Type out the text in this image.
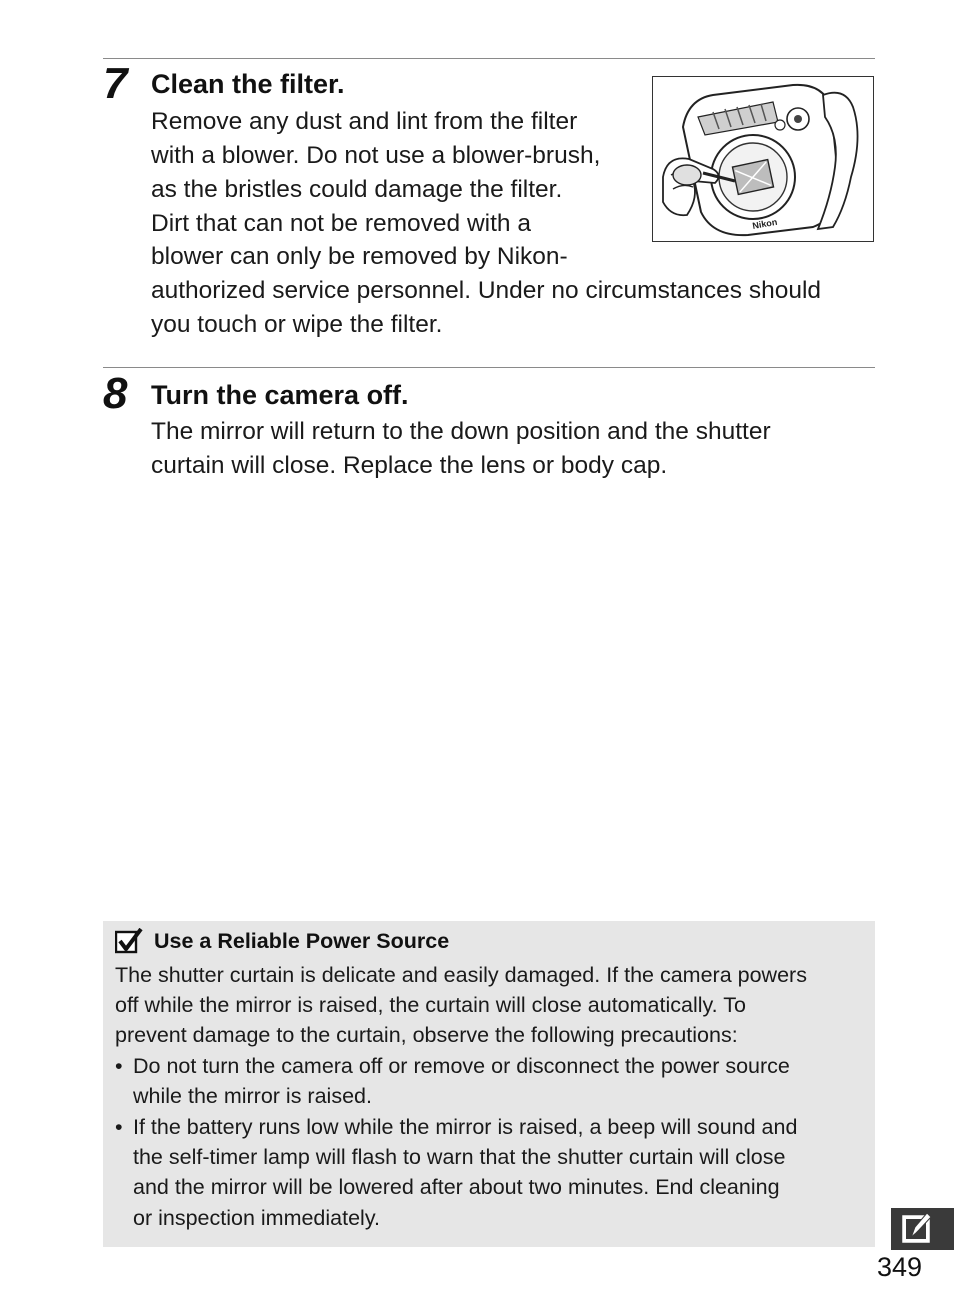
7 Clean the filter.
Remove any dust and lint from the filter
with a blower. Do not use a blower-brush,
as the bristles could damage the filter.
Dirt that can not be removed with a
blower can only be removed by Nikon-
authorized service personnel. Under no circumstances should
you touch or wipe the filter.
Nikon
8 Turn the camera off.
The mirror will return to the down position and the shutter
curtain will close. Replace the lens or body cap.
Use a Reliable Power Source
The shutter curtain is delicate and easily damaged. If the camera powers
off while the mirror is raised, the curtain will close automatically. To
prevent damage to the curtain, observe the following precautions:
• Do not turn the camera off or remove or disconnect the power source
while the mirror is raised.
• If the battery runs low while the mirror is raised, a beep will sound and
the self-timer lamp will flash to warn that the shutter curtain will close
and the mirror will be lowered after about two minutes. End cleaning
or inspection immediately.
349
